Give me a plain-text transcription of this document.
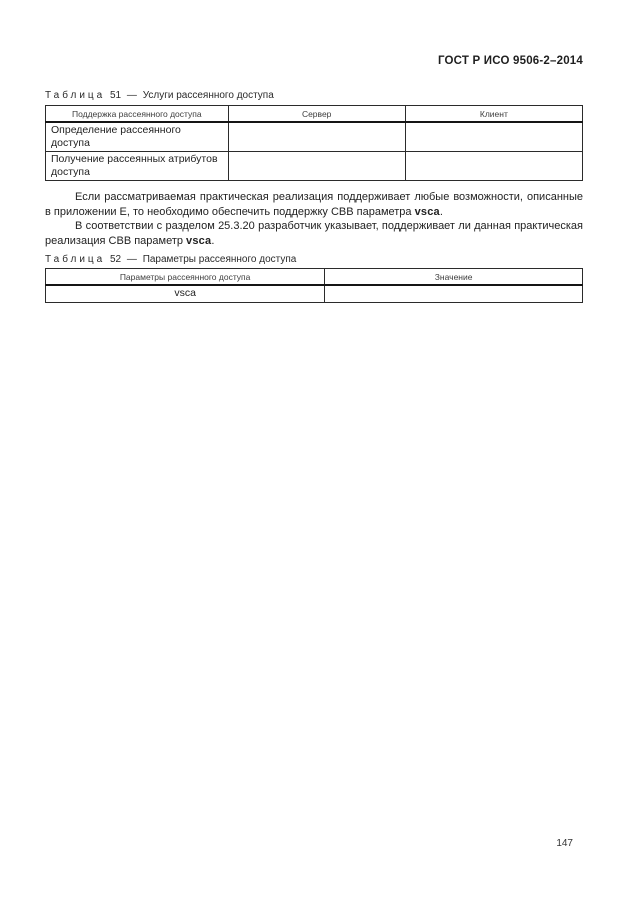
ГОСТ Р ИСО 9506-2–2014
Таблица 51 — Услуги рассеянного доступа
Поддержка рассеянного доступа	Сервер	Клиент
Определение рассеянного доступа		
Получение рассеянных атрибутов доступа		

Если рассматриваемая практическая реализация поддерживает любые возможности, описанные в приложении Е, то необходимо обеспечить поддержку СВВ параметра vsca.

В соответствии с разделом 25.3.20 разработчик указывает, поддерживает ли данная практическая реализация СВВ параметр vsca.

Таблица 52 — Параметры рассеянного доступа
Параметры рассеянного доступа	Значение
vsca	
147
